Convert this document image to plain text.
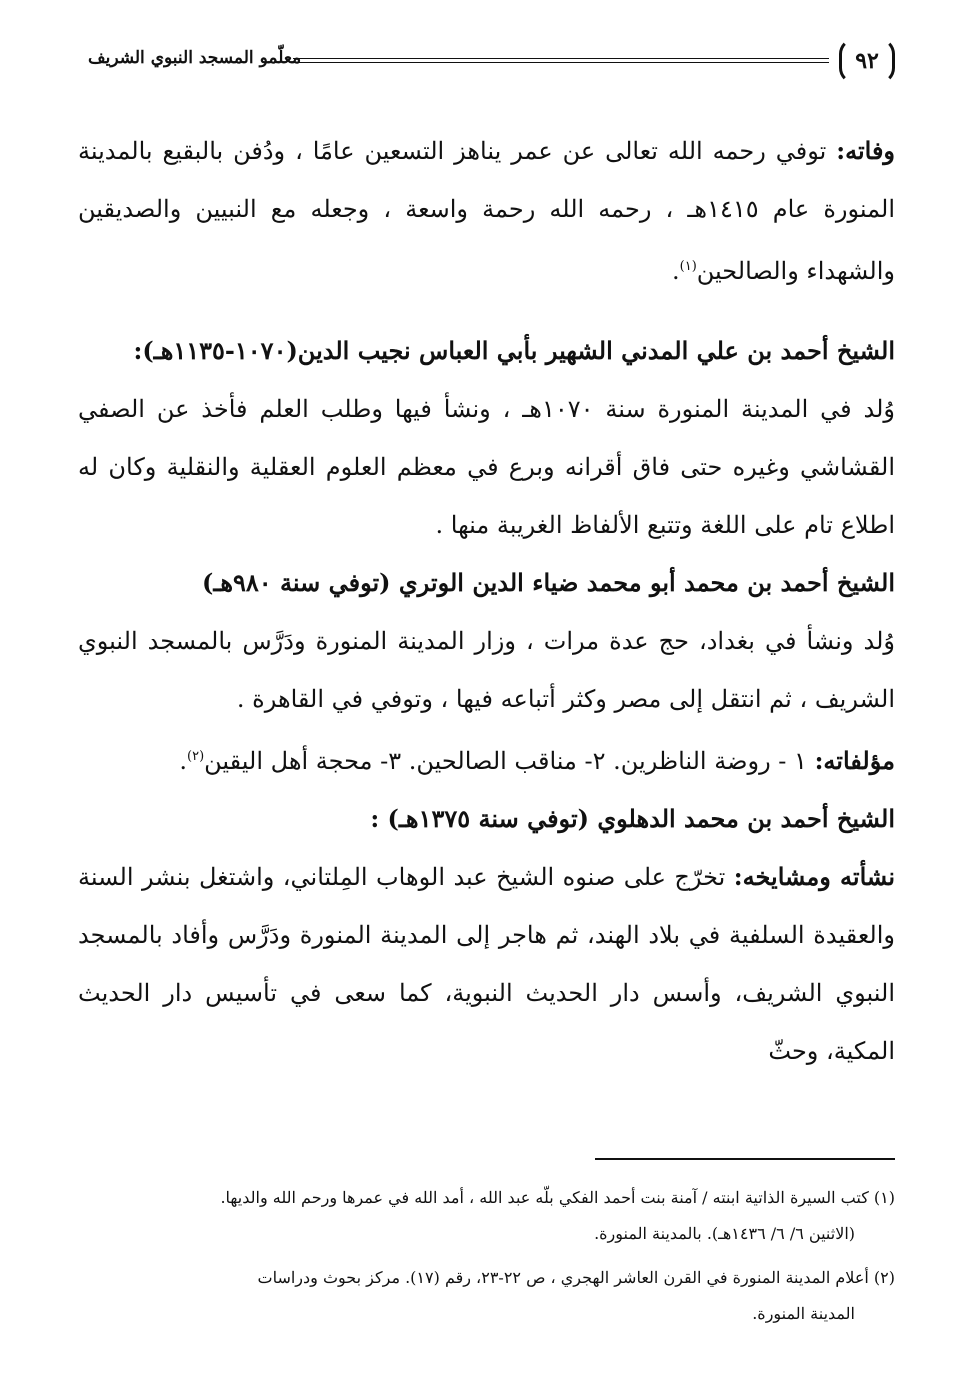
٩٢
معلّمو المسجد النبوي الشريف

وفاته: توفي رحمه الله تعالى عن عمر يناهز التسعين عامًا ، ودُفن بالبقيع بالمدينة المنورة عام ١٤١٥هـ ، رحمه الله رحمة واسعة ، وجعله مع النبيين والصديقين والشهداء والصالحين$^{(١)}$.

الشيخ أحمد بن علي المدني الشهير بأبي العباس نجيب الدين(١٠٧٠-١١٣٥هـ):

وُلد في المدينة المنورة سنة ١٠٧٠هـ ، ونشأ فيها وطلب العلم فأخذ عن الصفي القشاشي وغيره حتى فاق أقرانه وبرع في معظم العلوم العقلية والنقلية وكان له اطلاع تام على اللغة وتتبع الألفاظ الغريبة منها .

الشيخ أحمد بن محمد أبو محمد ضياء الدين الوتري (توفي سنة ٩٨٠هـ)

وُلد ونشأ في بغداد، حج عدة مرات ، وزار المدينة المنورة ودَرَّس بالمسجد النبوي الشريف ، ثم انتقل إلى مصر وكثر أتباعه فيها ، وتوفي في القاهرة .

مؤلفاته: ١ - روضة الناظرين. ٢- مناقب الصالحين. ٣- محجة أهل اليقين$^{(٢)}$.

الشيخ أحمد بن محمد الدهلوي (توفي سنة ١٣٧٥هـ) :

نشأته ومشايخه: تخرّج على صنوه الشيخ عبد الوهاب المِلتاني، واشتغل بنشر السنة والعقيدة السلفية في بلاد الهند، ثم هاجر إلى المدينة المنورة ودَرَّس وأفاد بالمسجد النبوي الشريف، وأسس دار الحديث النبوية، كما سعى في تأسيس دار الحديث المكية، وحثّ

(١) كتب السيرة الذاتية ابنته / آمنة بنت أحمد الفكي بلّه عبد الله ، أمد الله في عمرها ورحم الله والديها.

(الاثنين ٦/ ٦/ ١٤٣٦هـ). بالمدينة المنورة.

(٢) أعلام المدينة المنورة في القرن العاشر الهجري ، ص ٢٢-٢٣، رقم (١٧). مركز بحوث ودراسات

المدينة المنورة.
